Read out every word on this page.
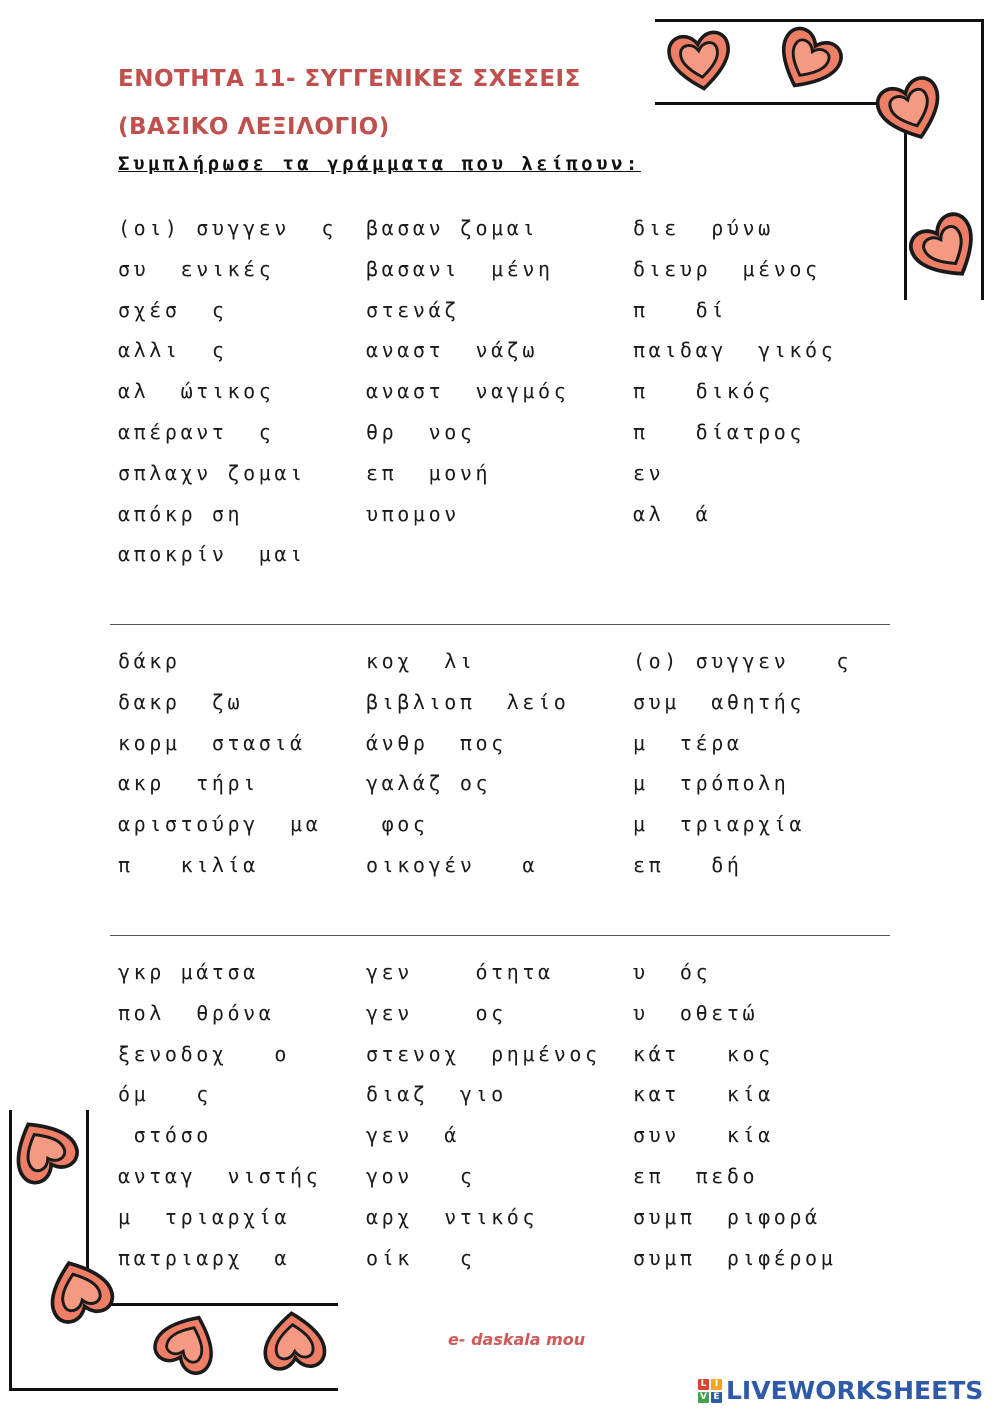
ΕΝΟΤΗΤΑ 11- ΣΥΓΓΕΝΙΚΕΣ ΣΧΕΣΕΙΣ
(ΒΑΣΙΚΟ ΛΕΞΙΛΟΓΙΟ)
Συμπλήρωσε τα γράμματα που λείπουν:
(οι) συγγεν  ς
συ  ενικές
σχέσ  ς
αλλι  ς
αλ  ώτικος
απέραντ  ς
σπλαχν ζομαι
απόκρ ση
αποκρίν  μαι
βασαν ζομαι
βασανι  μένη
στενάζ
αναστ  νάζω
αναστ  ναγμός
θρ  νος
επ  μονή
υπομον
διε  ρύνω
διευρ  μένος
π   δί
παιδαγ  γικός
π   δικός
π   δίατρος
εν
αλ  ά
δάκρ
δακρ  ζω
κορμ  στασιά
ακρ  τήρι
αριστούργ  μα
π   κιλία
κοχ  λι
βιβλιοπ  λείο
άνθρ  πος
γαλάζ ος
φος
οικογέν   α
(ο) συγγεν   ς
συμ  αθητής
μ  τέρα
μ  τρόπολη
μ  τριαρχία
επ   δή
γκρ μάτσα
πολ  θρόνα
ξενοδοχ   ο
όμ   ς
στόσο
ανταγ  νιστής
μ  τριαρχία
πατριαρχ  α
γεν    ότητα
γεν    ος
στενοχ  ρημένος
διαζ  γιο
γεν  ά
γον   ς
αρχ  ντικός
οίκ   ς
υ  ός
υ  οθετώ
κάτ   κος
κατ   κία
συν   κία
επ  πεδο
συμπ  ριφορά
συμπ  ριφέρομ
e- daskala mou
L I
V E LIVEWORKSHEETS
